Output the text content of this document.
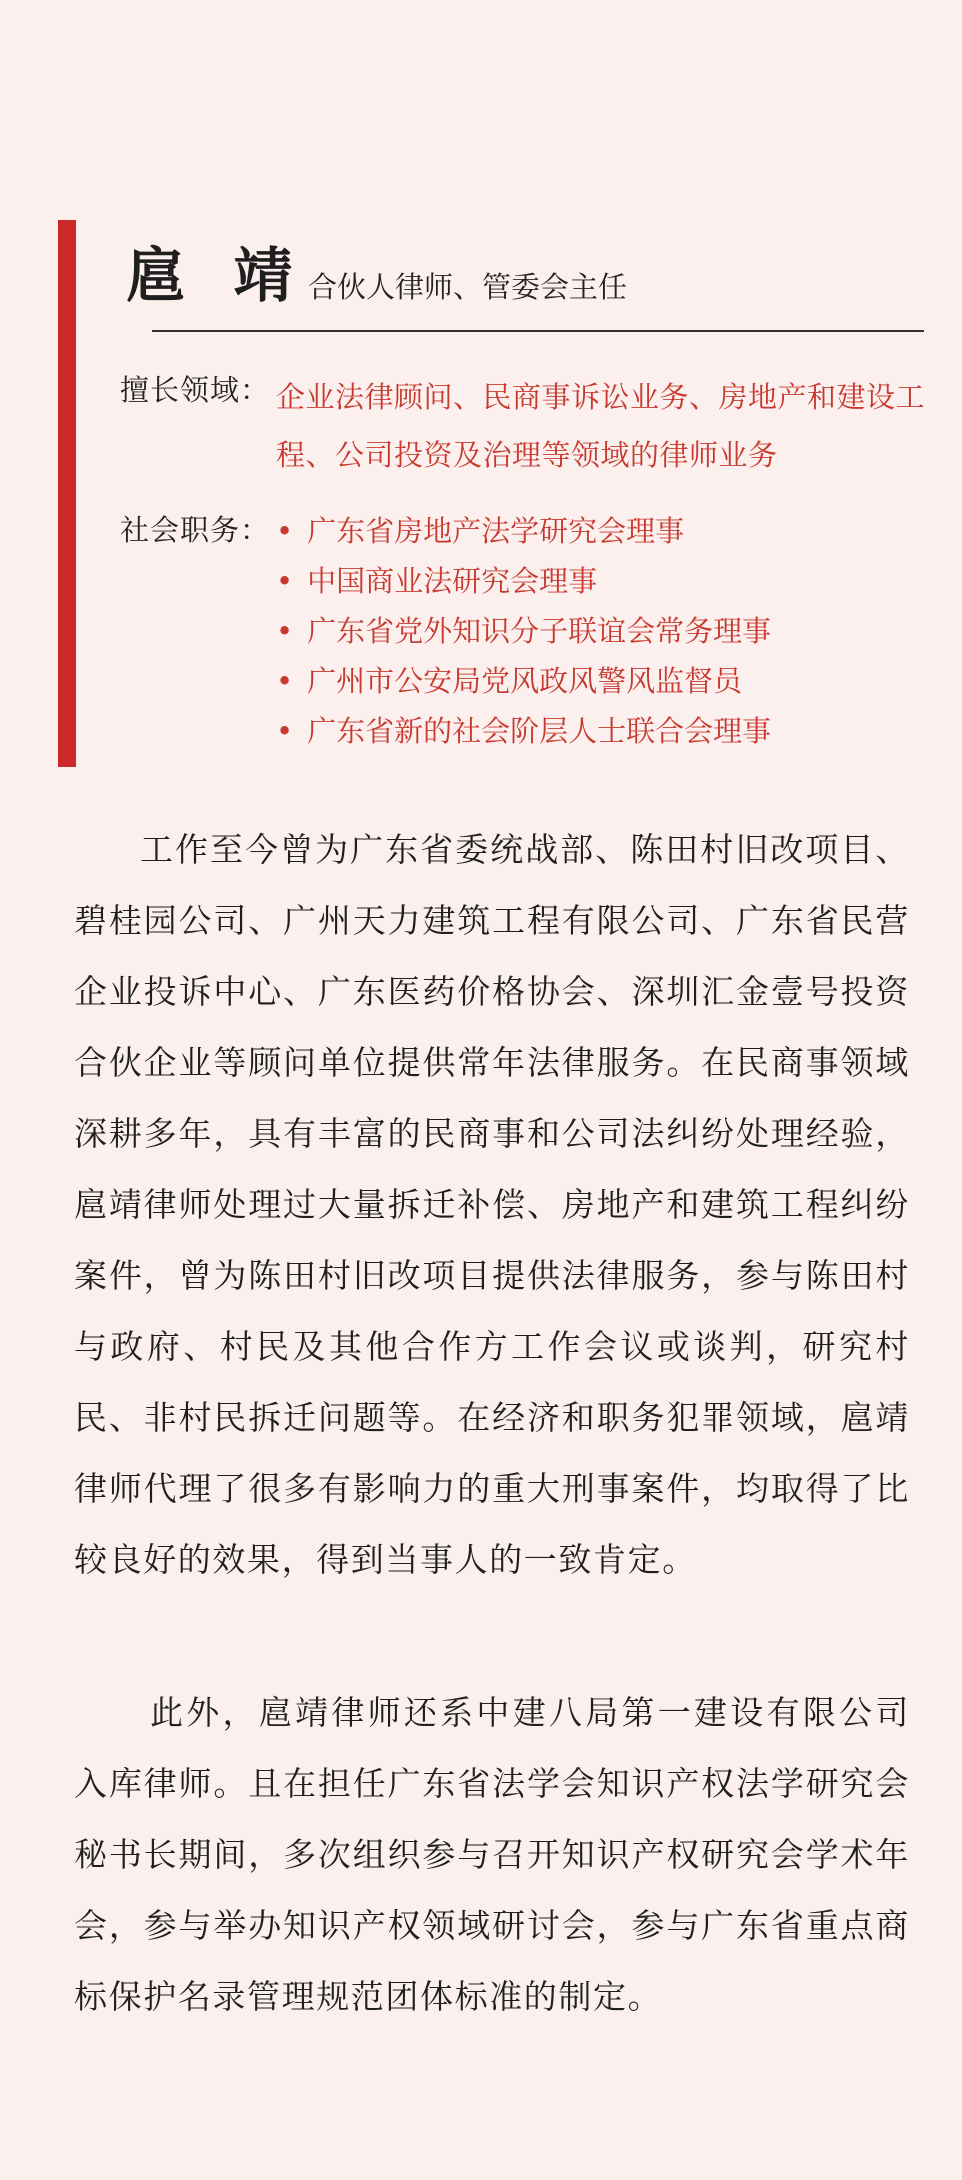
扈 靖 合伙人律师、管委会主任
擅长领域： 企业法律顾问、民商事诉讼业务、房地产和建设工程、公司投资及治理等领域的律师业务
社会职务： • 广东省房地产法学研究会理事
• 中国商业法研究会理事
• 广东省党外知识分子联谊会常务理事
• 广州市公安局党风政风警风监督员
• 广东省新的社会阶层人士联合会理事

工作至今曾为广东省委统战部、陈田村旧改项目、碧桂园公司、广州天力建筑工程有限公司、广东省民营企业投诉中心、广东医药价格协会、深圳汇金壹号投资合伙企业等顾问单位提供常年法律服务。在民商事领域深耕多年，具有丰富的民商事和公司法纠纷处理经验，扈靖律师处理过大量拆迁补偿、房地产和建筑工程纠纷案件，曾为陈田村旧改项目提供法律服务，参与陈田村与政府、村民及其他合作方工作会议或谈判，研究村民、非村民拆迁问题等。在经济和职务犯罪领域，扈靖律师代理了很多有影响力的重大刑事案件，均取得了比较良好的效果，得到当事人的一致肯定。

此外，扈靖律师还系中建八局第一建设有限公司入库律师。且在担任广东省法学会知识产权法学研究会秘书长期间，多次组织参与召开知识产权研究会学术年会，参与举办知识产权领域研讨会，参与广东省重点商标保护名录管理规范团体标准的制定。
